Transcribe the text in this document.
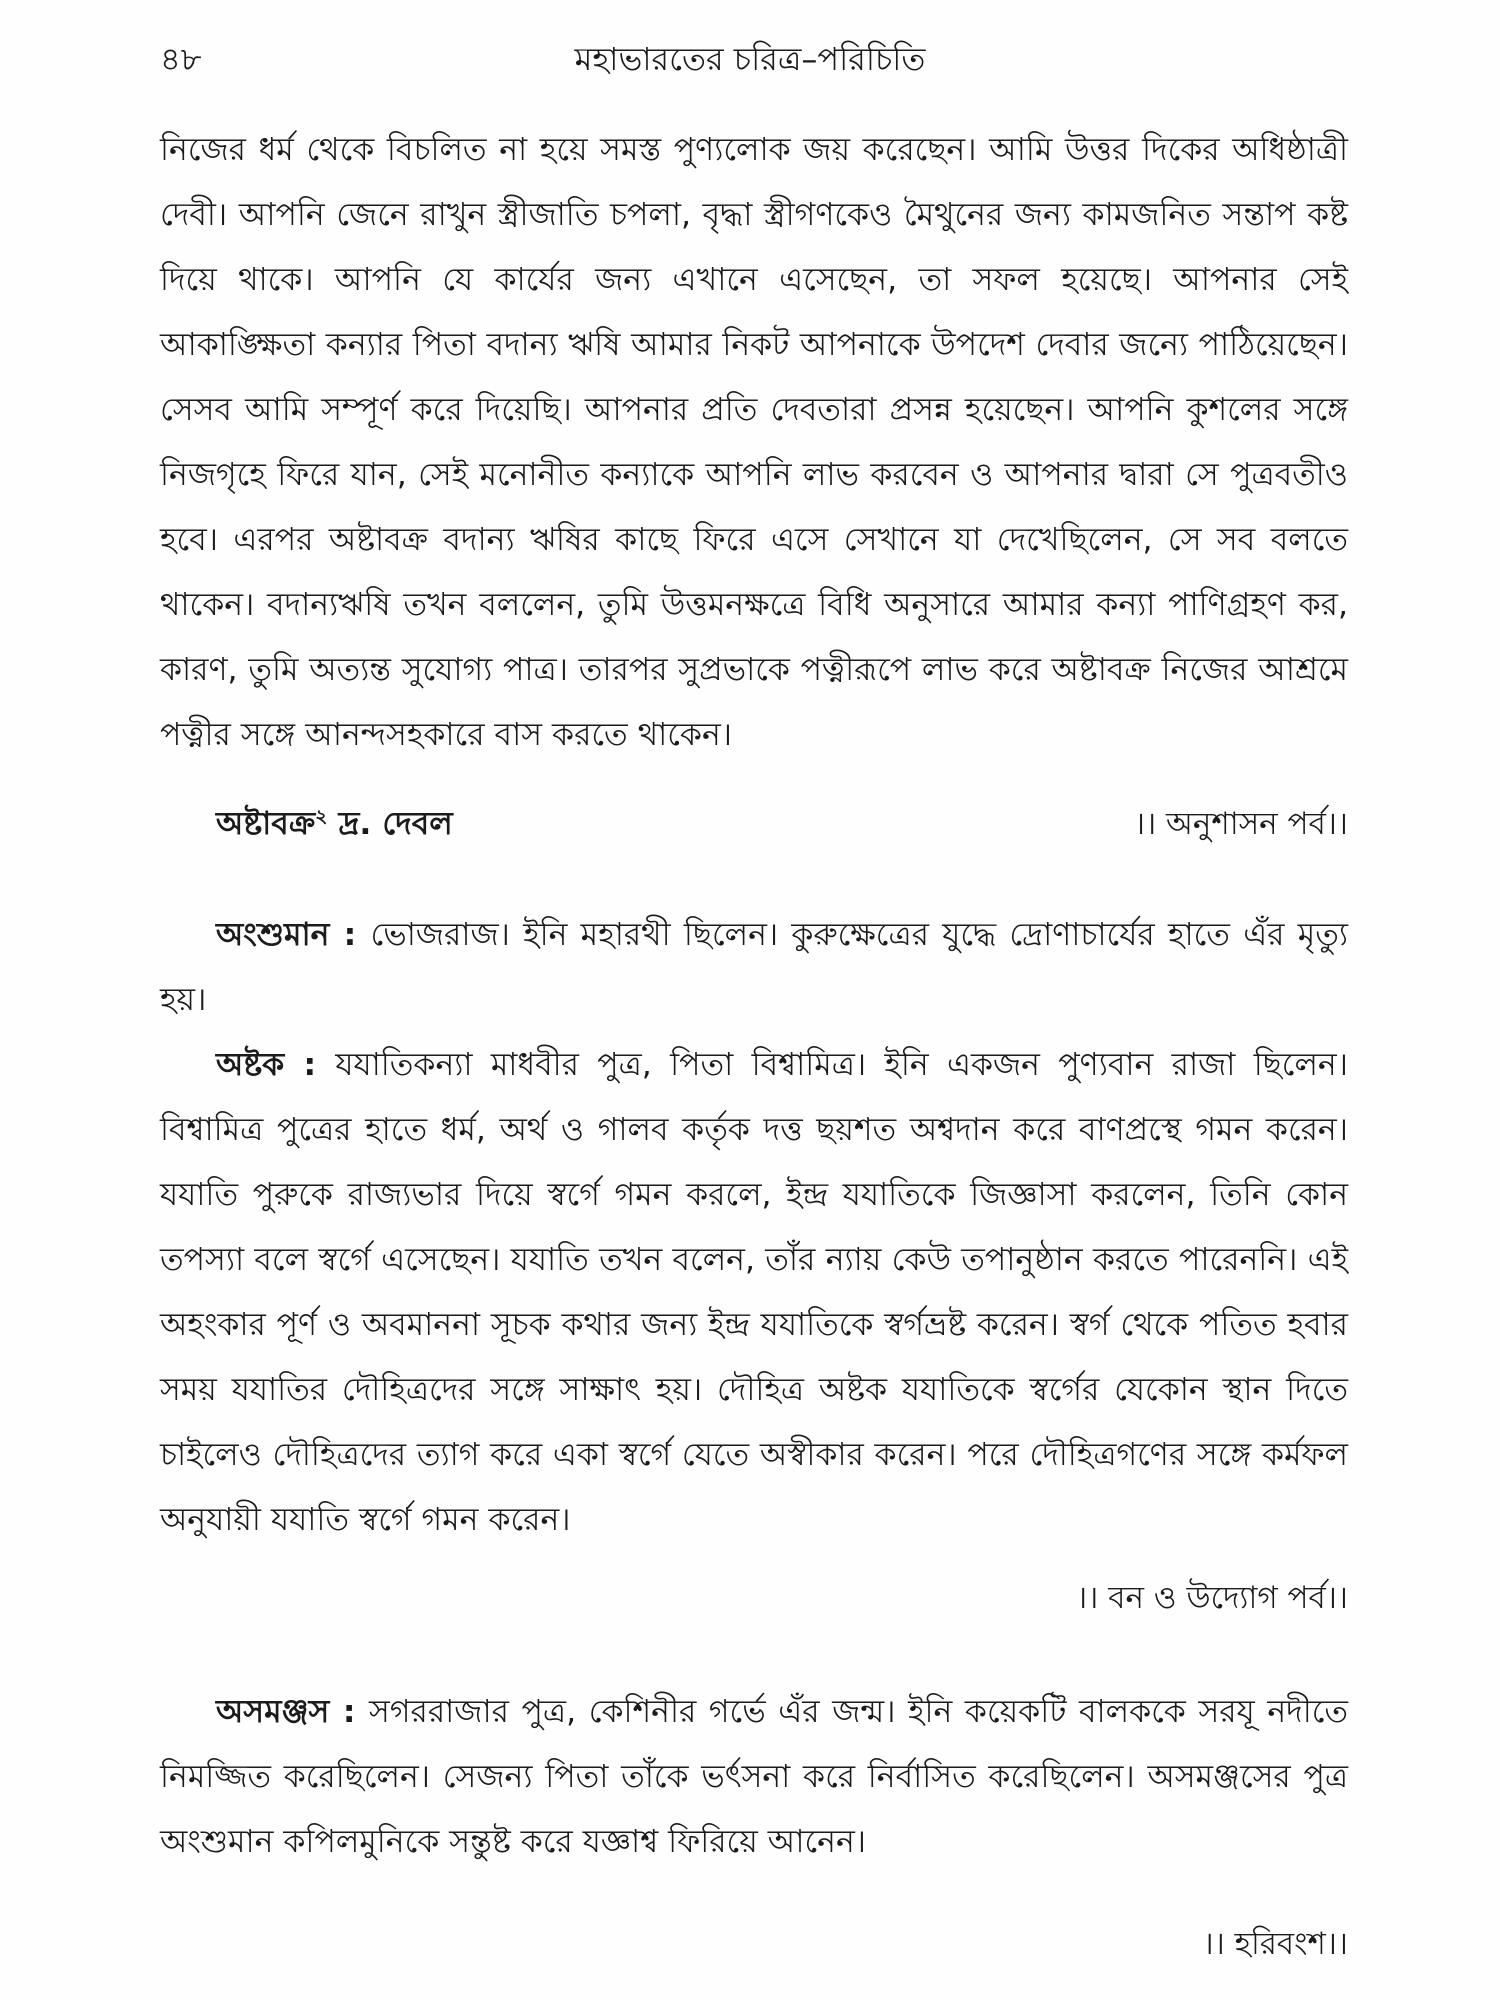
৪৮	মহাভারতের চরিত্র–পরিচিতি

নিজের ধর্ম থেকে বিচলিত না হয়ে সমস্ত পুণ্যলোক জয় করেছেন। আমি উত্তর দিকের অধিষ্ঠাত্রী দেবী। আপনি জেনে রাখুন স্ত্রীজাতি চপলা, বৃদ্ধা স্ত্রীগণকেও মৈথুনের জন্য কামজনিত সন্তাপ কষ্ট দিয়ে থাকে। আপনি যে কার্যের জন্য এখানে এসেছেন, তা সফল হয়েছে। আপনার সেই আকাঙ্ক্ষিতা কন্যার পিতা বদান্য ঋষি আমার নিকট আপনাকে উপদেশ দেবার জন্যে পাঠিয়েছেন। সেসব আমি সম্পূর্ণ করে দিয়েছি। আপনার প্রতি দেবতারা প্রসন্ন হয়েছেন। আপনি কুশলের সঙ্গে নিজগৃহে ফিরে যান, সেই মনোনীত কন্যাকে আপনি লাভ করবেন ও আপনার দ্বারা সে পুত্রবতীও হবে। এরপর অষ্টাবক্র বদান্য ঋষির কাছে ফিরে এসে সেখানে যা দেখেছিলেন, সে সব বলতে থাকেন। বদান্যঋষি তখন বললেন, তুমি উত্তমনক্ষত্রে বিধি অনুসারে আমার কন্যা পাণিগ্রহণ কর, কারণ, তুমি অত্যন্ত সুযোগ্য পাত্র। তারপর সুপ্রভাকে পত্নীরূপে লাভ করে অষ্টাবক্র নিজের আশ্রমে পত্নীর সঙ্গে আনন্দসহকারে বাস করতে থাকেন।

অষ্টাবক্র$^২$ দ্র. দেবল	।। অনুশাসন পর্ব।।

অংশুমান : ভোজরাজ। ইনি মহারথী ছিলেন। কুরুক্ষেত্রের যুদ্ধে দ্রোণাচার্যের হাতে এঁর মৃত্যু হয়।

অষ্টক : যযাতিকন্যা মাধবীর পুত্র, পিতা বিশ্বামিত্র। ইনি একজন পুণ্যবান রাজা ছিলেন। বিশ্বামিত্র পুত্রের হাতে ধর্ম, অর্থ ও গালব কর্তৃক দত্ত ছয়শত অশ্বদান করে বাণপ্রস্থে গমন করেন। যযাতি পুরুকে রাজ্যভার দিয়ে স্বর্গে গমন করলে, ইন্দ্র যযাতিকে জিজ্ঞাসা করলেন, তিনি কোন তপস্যা বলে স্বর্গে এসেছেন। যযাতি তখন বলেন, তাঁর ন্যায় কেউ তপানুষ্ঠান করতে পারেননি। এই অহংকার পূর্ণ ও অবমাননা সূচক কথার জন্য ইন্দ্র যযাতিকে স্বর্গভ্রষ্ট করেন। স্বর্গ থেকে পতিত হবার সময় যযাতির দৌহিত্রদের সঙ্গে সাক্ষাৎ হয়। দৌহিত্র অষ্টক যযাতিকে স্বর্গের যেকোন স্থান দিতে চাইলেও দৌহিত্রদের ত্যাগ করে একা স্বর্গে যেতে অস্বীকার করেন। পরে দৌহিত্রগণের সঙ্গে কর্মফল অনুযায়ী যযাতি স্বর্গে গমন করেন।

।। বন ও উদ্যোগ পর্ব।।

অসমঞ্জস : সগররাজার পুত্র, কেশিনীর গর্ভে এঁর জন্ম। ইনি কয়েকটি বালককে সরযূ নদীতে নিমজ্জিত করেছিলেন। সেজন্য পিতা তাঁকে ভর্ৎসনা করে নির্বাসিত করেছিলেন। অসমঞ্জসের পুত্র অংশুমান কপিলমুনিকে সন্তুষ্ট করে যজ্ঞাশ্ব ফিরিয়ে আনেন।

।। হরিবংশ।।
